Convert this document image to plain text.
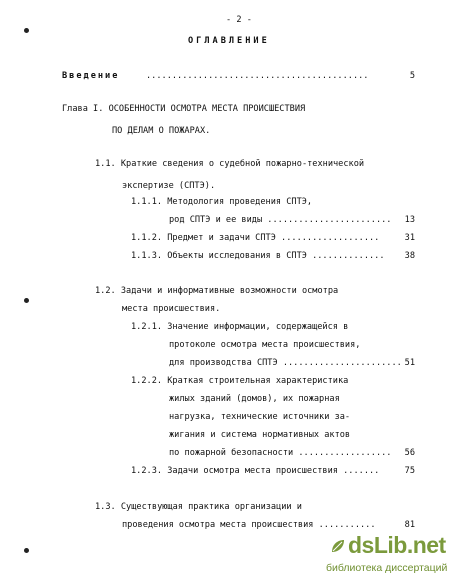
- 2 -
ОГЛАВЛЕНИЕ
Введение	...........................................	5
Глава I. ОСОБЕННОСТИ ОСМОТРА МЕСТА ПРОИСШЕСТВИЯ
ПО ДЕЛАМ О ПОЖАРАХ.
1.1. Краткие сведения о судебной пожарно-технической
экспертизе (СПТЭ).
1.1.1. Методология проведения СПТЭ,
род СПТЭ и ее виды ........................	13
1.1.2. Предмет и задачи СПТЭ ...................	31
1.1.3. Объекты исследования в СПТЭ ..............	38
1.2. Задачи и информативные возможности осмотра
места происшествия.
1.2.1. Значение информации, содержащейся в
протоколе осмотра места происшествия,
для производства СПТЭ ....................... 51
1.2.2. Краткая строительная характеристика
жилых зданий (домов), их пожарная
нагрузка, технические источники за-
жигания и система нормативных актов
по пожарной безопасности ..................	56
1.2.3. Задачи осмотра места происшествия .......	75
1.3. Существующая практика организации и
проведения осмотра места происшествия ...........	81
dsLib.net
библиотека диссертаций
